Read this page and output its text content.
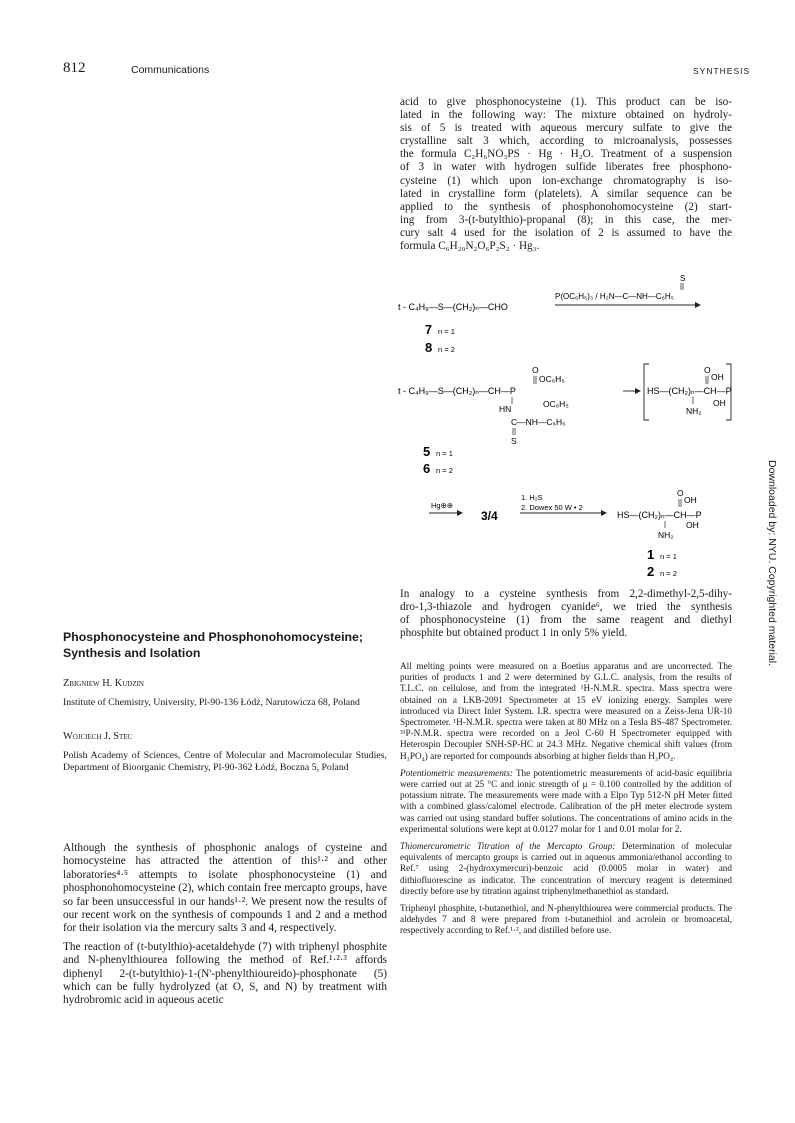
812	Communications	SYNTHESIS
Downloaded by: NYU. Copyrighted material.
acid to give phosphonocysteine (1). This product can be iso-
lated in the following way: The mixture obtained on hydroly-
sis of 5 is treated with aqueous mercury sulfate to give the
crystalline salt 3 which, according to microanalysis, possesses
the formula C₂H₆NO₃PS · Hg · H₂O. Treatment of a suspension
of 3 in water with hydrogen sulfide liberates free phosphono-
cysteine (1) which upon ion-exchange chromatography is iso-
lated in crystalline form (platelets). A similar sequence can be
applied to the synthesis of phosphonohomocysteine (2) start-
ing from 3-(t-butylthio)-propanal (8); in this case, the mer-
cury salt 4 used for the isolation of 2 is assumed to have the
formula C₆H₂₀N₂O₆P₂S₂ · Hg₃.
S
P(OC₆H₅)₃ / H₂N—C—NH—C₆H₅
t - C₄H₉—S—(CH₂)ₙ—CHO
7 n = 1
8 n = 2
O
OC₆H₅
t - C₄H₉—S—(CH₂)ₙ—CH—P
OC₆H₅
HN
C—NH—C₆H₅
S
O
OH
HS—(CH₂)ₙ—CH—P
OH
NH₂
5 n = 1
6 n = 2
Hg⊕⊕
3/4
1. H₂S
2. Dowex 50 W • 2
O
OH
HS—(CH₂)ₙ—CH—P
OH
NH₂
1 n = 1
2 n = 2
In analogy to a cysteine synthesis from 2,2-dimethyl-2,5-dihy-
dro-1,3-thiazole and hydrogen cyanide⁶, we tried the synthesis
of phosphonocysteine (1) from the same reagent and diethyl
phosphite but obtained product 1 in only 5% yield.

All melting points were measured on a Boetius apparatus and are uncorrected. The purities of products 1 and 2 were determined by G.L.C. analysis, from the results of T.L.C. on cellulose, and from the integrated ¹H-N.M.R. spectra. Mass spectra were obtained on a LKB-2091 Spectrometer at 15 eV ionizing energy. Samples were introduced via Direct Inlet System. I.R. spectra were measured on a Zeiss-Jena UR-10 Spectrometer. ¹H-N.M.R. spectra were taken at 80 MHz on a Tesla BS-487 Spectrometer. ³¹P-N.M.R. spectra were recorded on a Jeol C-60 H Spectrometer equipped with Heterospin Decoupler SNH-SP-HC at 24.3 MHz. Negative chemical shift values (from H₃PO₄) are reported for compounds absorbing at higher fields than H₃PO₄.

Potentiometric measurements: The potentiometric measurements of acid-basic equilibria were carried out at 25 °C and ionic strength of μ = 0.100 controlled by the addition of potassium nitrate. The measurements were made with a Elpo Typ 512-N pH Meter fitted with a combined glass/calomel electrode. Calibration of the pH meter electrode system was carried out using standard buffer solutions. The concentrations of amino acids in the experimental solutions were kept at 0.0127 molar for 1 and 0.01 molar for 2.

Thiomercurometric Titration of the Mercapto Group: Determination of molecular equivalents of mercapto groups is carried out in aqueous ammonia/ethanol according to Ref.⁷ using 2-(hydroxymercuri)-benzoic acid (0.0005 molar in water) and dithiofluorescine as indicator. The concentration of mercury reagent is determined directly before use by titration against triphenylmethanethiol as standard.

Triphenyl phosphite, t-butanethiol, and N-phenylthiourea were commercial products. The aldehydes 7 and 8 were prepared from t-butanethiol and acrolein or bromoacetal, respectively according to Ref.¹·², and distilled before use.

Phosphonocysteine and Phosphonohomocysteine;
Synthesis and Isolation
Zbigniew H. Kudzin
Institute of Chemistry, University, Pl-90-136 Łódź, Narutowicza 68, Poland
Wojciech J. Stec
Polish Academy of Sciences, Centre of Molecular and Macromolecular Studies, Department of Bioorganic Chemistry, Pl-90-362 Łódź, Boczna 5, Poland

Although the synthesis of phosphonic analogs of cysteine and homocysteine has attracted the attention of this¹·² and other laboratories⁴·⁵ attempts to isolate phosphonocysteine (1) and phosphonohomocysteine (2), which contain free mercapto groups, have so far been unsuccessful in our hands¹·². We present now the results of our recent work on the synthesis of compounds 1 and 2 and a method for their isolation via the mercury salts 3 and 4, respectively.

The reaction of (t-butylthio)-acetaldehyde (7) with triphenyl phosphite and N-phenylthiourea following the method of Ref.¹·²·³ affords diphenyl 2-(t-butylthio)-1-(N'-phenylthioureido)-phosphonate (5) which can be fully hydrolyzed (at O, S, and N) by treatment with hydrobromic acid in aqueous acetic
